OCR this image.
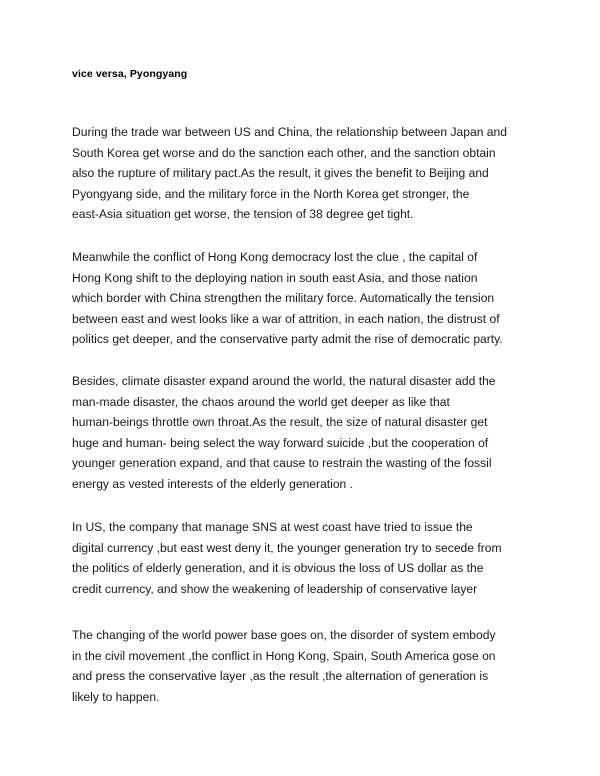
vice versa, Pyongyang

During the trade war between US and China, the relationship between Japan and
South Korea get worse and do the sanction each other, and the sanction obtain
also the rupture of military pact.As the result, it gives the benefit to Beijing and
Pyongyang side, and the military force in the North Korea get stronger, the
east-Asia situation get worse, the tension of 38 degree get tight.

Meanwhile the conflict of Hong Kong democracy lost the clue , the capital of
Hong Kong shift to the deploying nation in south east Asia, and those nation
which border with China strengthen the military force. Automatically the tension
between east and west looks like a war of attrition, in each nation, the distrust of
politics get deeper, and the conservative party admit the rise of democratic party.

Besides, climate disaster expand around the world, the natural disaster add the
man-made disaster, the chaos around the world get deeper as like that
human-beings throttle own throat.As the result, the size of natural disaster get
huge and human- being select the way forward suicide ,but the cooperation of
younger generation expand, and that cause to restrain the wasting of the fossil
energy as vested interests of the elderly generation .

In US, the company that manage SNS at west coast have tried to issue the
digital currency ,but east west deny it, the younger generation try to secede from
the politics of elderly generation, and it is obvious the loss of US dollar as the
credit currency, and show the weakening of leadership of conservative layer

The changing of the world power base goes on, the disorder of system embody
in the civil movement ,the conflict in Hong Kong, Spain, South America gose on
and press the conservative layer ,as the result ,the alternation of generation is
likely to happen.
